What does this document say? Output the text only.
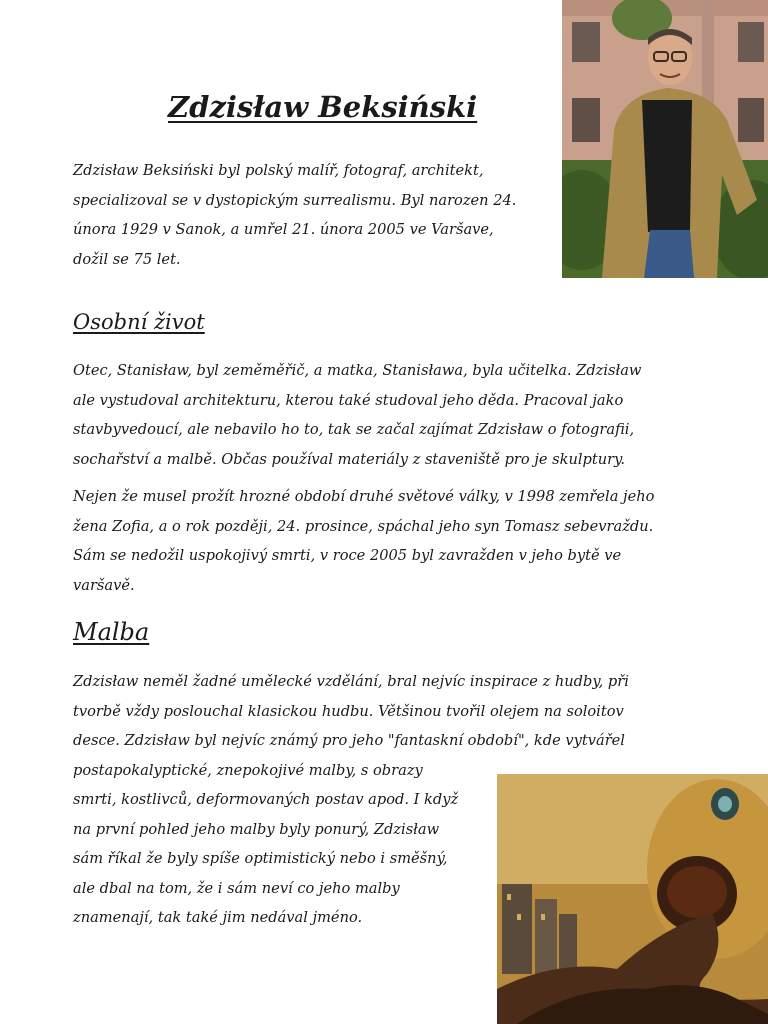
Zdzisław Beksiński

Zdzisław Beksiński byl polský malíř, fotograf, architekt,
specializoval se v dystopickým surrealismu. Byl narozen 24.
února 1929 v Sanok, a umřel 21. února 2005 ve Varšave,
dožil se 75 let.

Osobní život

Otec, Stanisław, byl zeměměřič, a matka, Stanisława, byla učitelka. Zdzisław
ale vystudoval architekturu, kterou také studoval jeho děda. Pracoval jako
stavbyvedoucí, ale nebavilo ho to, tak se začal zajímat Zdzisław o fotografii,
sochařství a malbě. Občas používal materiály z staveniště pro je skulptury.

Nejen že musel prožít hrozné období druhé světové války, v 1998 zemřela jeho
žena Zofia, a o rok později, 24. prosince, spáchal jeho syn Tomasz sebevraždu.
Sám se nedožil uspokojivý smrti, v roce 2005 byl zavražden v jeho bytě ve
varšavě.

Malba

Zdzisław neměl žadné umělecké vzdělání, bral nejvíc inspirace z hudby, při
tvorbě vždy poslouchal klasickou hudbu. Většinou tvořil olejem na soloitov
desce. Zdzisław byl nejvíc známý pro jeho "fantaskní období", kde vytvářel
postapokalyptické, znepokojivé malby, s obrazy
smrti, kostlivců, deformovaných postav apod. I když
na první pohled jeho malby byly ponurý, Zdzisław
sám říkal že byly spíše optimistický nebo i směšný,
ale dbal na tom, že i sám neví co jeho malby
znamenají, tak také jim nedával jméno.
